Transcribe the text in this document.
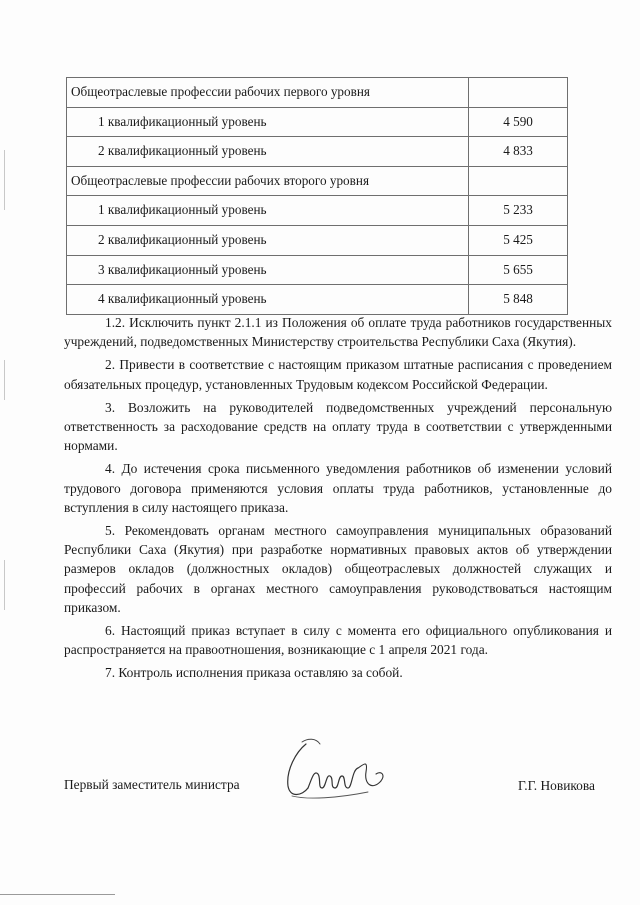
Общеотраслевые профессии рабочих первого уровня	
1 квалификационный уровень	4 590
2 квалификационный уровень	4 833
Общеотраслевые профессии рабочих второго уровня	
1 квалификационный уровень	5 233
2 квалификационный уровень	5 425
3 квалификационный уровень	5 655
4 квалификационный уровень	5 848

1.2. Исключить пункт 2.1.1 из Положения об оплате труда работников государственных учреждений, подведомственных Министерству строительства Республики Саха (Якутия).

2. Привести в соответствие с настоящим приказом штатные расписания с проведением обязательных процедур, установленных Трудовым кодексом Российской Федерации.

3. Возложить на руководителей подведомственных учреждений персональную ответственность за расходование средств на оплату труда в соответствии с утвержденными нормами.

4. До истечения срока письменного уведомления работников об изменении условий трудового договора применяются условия оплаты труда работников, установленные до вступления в силу настоящего приказа.

5. Рекомендовать органам местного самоуправления муниципальных образований Республики Саха (Якутия) при разработке нормативных правовых актов об утверждении размеров окладов (должностных окладов) общеотраслевых должностей служащих и профессий рабочих в органах местного самоуправления руководствоваться настоящим приказом.

6. Настоящий приказ вступает в силу с момента его официального опубликования и распространяется на правоотношения, возникающие с 1 апреля 2021 года.

7. Контроль исполнения приказа оставляю за собой.

Первый заместитель министра	Г.Г. Новикова
